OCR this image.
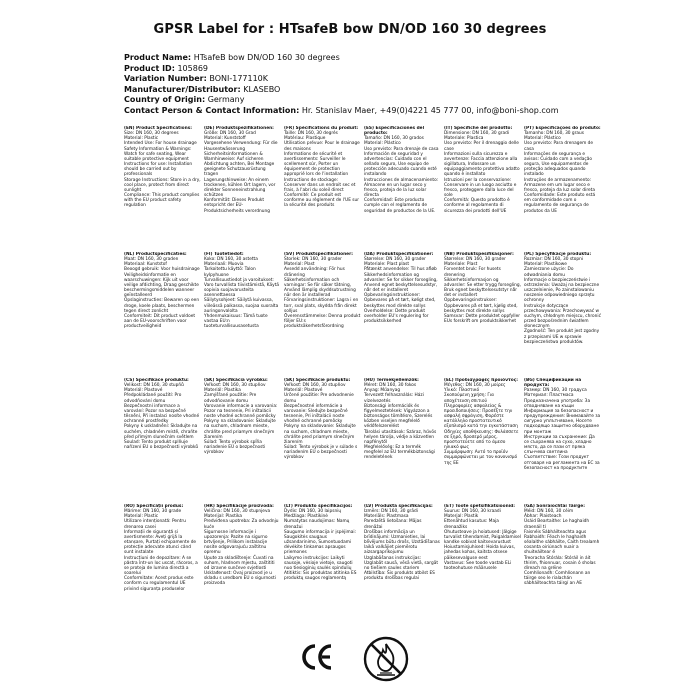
GPSR Label for : HTsafeB bow DN/OD 160 30 degrees
Product Name: HTsafeB bow DN/OD 160 30 degrees
Product ID: 105869
Variation Number: BONI-177110K
Manufacturer/Distributor: KLASEBO
Country of Origin: Germany
Contact Person & Contact Information: Hr. Stanislav Maer, +49(0)4221 45 777 00, info@boni-shop.com
(EN) Product Specifications:

Size: DN 160, 30 degrees

Material: Plastic

Intended Use: For house drainage

Safety Information & Warnings: Watch for safe seating, Wear suitable protective equipment

Instructions for use: Installation should be carried out by professionals

Storage Instructions: Store in a dry, cool place, protect from direct sunlight

Compliance: This product complies with the EU product safety regulation

(DE) Produktspezifikationen:

Größe: DN 160, 30 Grad

Material: Kunststoff

Vorgesehene Verwendung: Für die Hausentwässerung

Sicherheitsinformationen & Warnhinweise: Auf sicheren Abdichtung achten, Bei Montage geeignete Schutzausrüstung tragen

Lagerungshinweise: An einem trockenen, kühlen Ort lagern, vor direkter Sonneneinstrahlung schützen

Konformität: Dieses Produkt entspricht der EU-Produktsicherheits verordnung

(FR) Spécifications du produit:

Taille: DN 160, 30 degrés

Matériau: Plastique

Utilisation prévue: Pour le drainage des maisons

Informations de sécurité et avertissements: Surveiller le scellement sûr, Porter un équipement de protection approprié lors de l'installation

Instructions de stockage: Conserver dans un endroit sec et frais, à l'abri du soleil direct

Conformité: Ce produit est conforme au règlement de l'UE sur la sécurité des produits

(ES) Especificaciones del producto:

Tamaño: DN 160, 30 grados

Material: Plástico

Uso previsto: Para drenaje de casa

Información de seguridad y advertencias: Cuidado con el sellado seguro, Use equipo de protección adecuado cuando esté instalando

Instrucciones de almacenamiento: Almacene en un lugar seco y fresco, proteja de la luz solar directa

Conformidad: Este producto cumple con el reglamento de seguridad de productos de la UE.

(IT) Specifiche del prodotto:

Dimensione: DN 160, 30 gradi

Materiale: Plastica

Uso previsto: Per il drenaggio delle case

Informazioni sulla sicurezza e avvertenze: Faccia attenzione alla sigillatura, Indossare un equipaggiamento protettivo adatto quando è installato

Istruzioni per la conservazione: Conservare in un luogo asciutto e fresco, proteggere dalla luce del sole

Conformità: Questo prodotto è conforme al regolamento di sicurezza dei prodotti dell'UE

(PT) Especificações do produto:

Tamanho: DN 160, 30 graus

Material: Plástico

Uso previsto: Para drenagem de casa

Informações de segurança e avisos: Cuidado com a vedação segura, Use equipamentos de proteção adequados quando instalado

Instruções de armazenamento: Armazene em um lugar seco e fresco, proteja da luz solar direta

Conformidade: Este produto está em conformidade com o regulamento de segurança de produtos da UE

(NL) Productspecificaties:

Maat: DN 160, 30 graden

Materiaal: Kunststof

Beoogd gebruik: Voor huisdrainage

Veiligheidsinformatie en waarschuwingen: Kijk uit voor veilige afdichting, Draag geschikte beschermingsmiddelen wanneer geïnstalleerd

Opslaginstructies: Bewaren op een droge, koele plaats, beschermen tegen direct zonlicht

Conformiteit: Dit product voldoet aan de EU-voorschriften voor productveiligheid

(FI) Tuotetiedot:

Koko: DN 160, 30 astetta

Materiaali: Muovia

Tarkoitettu käyttö: Talon kylpyhuone

Turvallisuustiedot ja varoitukset: Varo turvallista tiivistämistä, Käytä sopivia suojavarusteita asennettaessa

Säilytysohjeet: Säilytä kuivassa, viileässä paikassa, suojaa suoralta auringonvalolta

Yhdenmukaisuus: Tämä tuote vastaa EU:n tuoteturvallisuusasetusta

(SV) Produktspecifikationer:

Storlek: DN 160, 30 grader

Material: Plast

Avsedd användning: För hus dränering

Säkerhetsinformation och varningar: Se för säker tätning, Använd lämplig skyddsutrustning när den är installerad

Förvaringsinstruktioner: Lagra i en torr, sval plats, skydda från direkt solljus

Överensstämmelse: Denna produkt följer EU:s produktsäkerhetsförordning

(DA) Produktspecifikationer:

Størrelse: DN 160, 30 grader

Materiale: Plast plast

Påtænkt anvendelse: Til hus afløb

Sikkerhedsinformation og advarsler: Se for sikker forsegling, Anvend egnet beskyttelsesudstyr, når det er installeret

Opbevaringsinstruktioner: Opbevares på et tørt, køligt sted, beskyttes mod direkte sollys

Overholdelse: Dette produkt overholder EU's regulering for produktsikkerhed

(NB) Produktspesifikasjoner:

Størrelse: DN 160, 30 grader

Materiale: Plast

Forventet bruk: For husets drenering

Sikkerhetsinformasjon og advarsler: Se etter trygg forsegling, Bruk egnet beskyttelsesutstyr når det er installert

Oppbevaringsinstrukser: Oppbevares på et tørt, kjølig sted, beskyttes mot direkte sollys

Samsvar: Dette produktet oppfyller EUs forskrift om produktsikkerhet

(PL) Specyfikacje produktu:

Rozmiar: DN 160, 30 stopni

Materiał: Plastikowe

Zamierzone użycie: Do odwadniania domu

Informacje o bezpieczeństwie i ostrzeżenia: Uważaj na bezpieczne uszczelnienie, Po zainstalowaniu noszenie odpowiedniego sprzętu ochronny

Instrukcje dotyczące przechowywania: Przechowywać w suchym, chłodnym miejscu, chronić przed bezpośrednim światłem słonecznym

Zgodność: Ten produkt jest zgodny z przepisami UE w sprawie bezpieczeństwa produktów.

(CS) Specifikace produktu:

Velikost: DN 160, 30 stupňů

Materiál: Plastové

Předpokládané použití: Pro odvodňování domu

Bezpečnostní informace a varování: Pozor na bezpečné těsnění, Při instalaci nosíte vhodné ochranné prostředky

Pokyny k uskladnění: Skladujte na suchém, chladném místě, chraňte před přímým slunečním světlem

Soulad: Tento produkt splňuje nařízení EU o bezpečnosti výrobků

(SK) Špecifikácia výrobku:

Veľkosť: DN 160, 30 stupňov

Materiál: Plastika

Zamýšľané použitie: Pre odvodňovanie domu

Varovanie informacie a varovania: Pozor na tesnenie, Pri inštalácii noste vhodné ochranné pomôcky

Pokyny na skladovanie: Skladujte na suchom, chladnom mieste, chráňte pred priamym slnečným žiarením

Súlad: Tento výrobok spĺňa nariadenie EÚ o bezpečnosti výrobkov

(SK) Špecifikácie produktu:

Veľkosť: DN 160, 30 stupňov

Materiál: Plastové

Určené použitie: Pre odvodnenie domu

Bezpečnostné informácie a varovanie: Sledujte bezpečné tesnenie, Pri inštalácii noste vhodné ochranné pomôcky

Pokyny na skladovanie: Skladujte na suchom, chladnom mieste, chráňte pred priamym slnečným žiarením

Súlad: Tento výrobok je v súlade s nariadením EÚ o bezpečnosti výrobkov

(HU) Termékjellemzők:

Méret: DN 160, 30 fokos

Anyag: Műanyag

Tervezett felhasználás: Házi vízelvezetés

Biztonsági információk és figyelmeztetések: Vigyázzon a biztonságos tömítésre, Szerelés közben viseljen megfelelő védőfelszerelést

Tárolási utasítások: Száraz, hűvös helyen tárolja, védje a közvetlen napfénytől

Megfelelőség: Ez a termék megfelel az EU termékbiztonsági rendeletének

(EL) Προδιαγραφές προϊόντος:

Μέγεθος: DN 160, 30 μοίρες

Υλικό: Πλαστικό

Σκοπούμενη χρήση: Για αποχέτευση σπιτιού

Πληροφορίες ασφαλείας & προειδοποιήσεις: Προσέξτε την ασφαλή σφράγιση, Φορέστε κατάλληλο προστατευτικό εξοπλισμό κατά την εγκατάσταση

Οδηγίες αποθήκευσης: Φυλάσσετε σε ξηρό, δροσερό μέρος, προστατεύετε από το άμεσο ηλιακό φως

Συμμόρφωση: Αυτό το προϊόν συμμορφώνεται με τον κανονισμό της ΕΕ

(BG) Спецификации на продукта:

Размер: DN 160, 30 градуса

Материал: Пластмаса

Предназначена употреба: За отводняване на къщи

Информация за безопасност и предупреждения: Внимавайте за сигурно уплътняване, Носете подходящо защитно оборудване при монтаж

Инструкции за съхранение: Да се съхранява на сухо, хладно място, да се пази от пряка слънчева светлина

Съответствие: Този продукт отговаря на регламента на ЕС за безопасност на продуктите

(RO) Specificații produs:

Mărime: DN 160, 30 grade

Material: Plastic

Utilizare intenționată: Pentru drenarea casei

Informații de siguranță și avertismente: Aveți grijă la etanșare, Purtați echipamente de protecție adecvate atunci când sunt instalate

Instrucțiuni de depozitare: A se păstra într-un loc uscat, răcoros, a se proteja de lumina directă a soarelui

Conformitate: Acest produs este conform cu regulamentul UE privind siguranța produselor

(HR) Specifikacije proizvoda:

Veličina: DN 160, 30 stupnjeva

Materijal: Plastika

Predviđena upotreba: Za odvodnju kuće

Sigurnosne informacije i upozorenja: Pazite na sigurno brtvljenje, Prilikom instalacije nosite odgovarajuću zaštitnu opremu

Upute za skladištenje: Čuvati na suhom, hladnom mjestu, zaštititi od izravne sunčeve svjetlosti

Usklađenost: Ovaj proizvod je u skladu s uredbom EU o sigurnosti proizvoda

(LT) Produkto specifikacijos:

Dydis: DN 160, 30 laipsnių

Medžiaga: Plastikinė

Numatytas naudojimas: Namų drenažui

Saugumo informacija ir įspėjimai: Saugokitės saugaus užsandarinimo, Sumontuodami dėvėkite tinkamas apsaugos priemones

Laikymo instrukcijos: Laikyti sausoje, vėsioje vietoje, saugoti nuo tiesioginių saulės spindulių

Atitiktis: Šis produktas atitinka ES produktų saugos reglamentą

(LV) Produkta specifikācijas:

Izmērs: DN 160, 30 grādi

Materiāls: Plastmasa

Paredzētā lietošana: Mājas drenāžai

Drošības informācija un brīdinājumi: Uzmanieties, lai blīvējums būtu drošs, Uzstādīšanas laikā valkājiet piemērotu aizsargaprīkojumu

Uzglabāšanas instrukcijas: Uzglabāt sausā, vēsā vietā, sargāt no tiešiem saules stariem

Atbilstība: Šis produkts atbilst ES produktu drošības regulai

(ET) Toote spetsifikatsioonid:

Suurus: DN 160, 30 kraadi

Materjal: Plastik

Ettenähtud kasutus: Maja drenaažiks

Ohutusteave ja hoiatused: Jälgige turvalist tihendamist, Paigaldamisel kandke sobivat kaitsevarustust

Hoiustamisjuhised: Hoida kuivas, jahedas kohas, kaitsta otsese päikesevalguse eest

Vastavus: See toode vastab ELi tooteohutuse määrusele

(GA) Sonraíochtaí Táirge:

Méid: DN 160, 30 céim

Ábhar: Plaisteach

Úsáid Beartaithe: Le haghaidh draenáil tí

Faisnéis Sábháilteachta agus Rabhaidh: Féach le haghaidh séalaithe sábháilte, Caith trealamh cosanta oiriúnach nuair a shuiteáiltear é

Treoracha Stórála: Stóráil in áit thirim, fhionnuar, cosain ó sholas díreach na gréine

Comhlíonadh: Comhlíonann an táirge seo le rialachán sábháilteachta táirgí an AE
